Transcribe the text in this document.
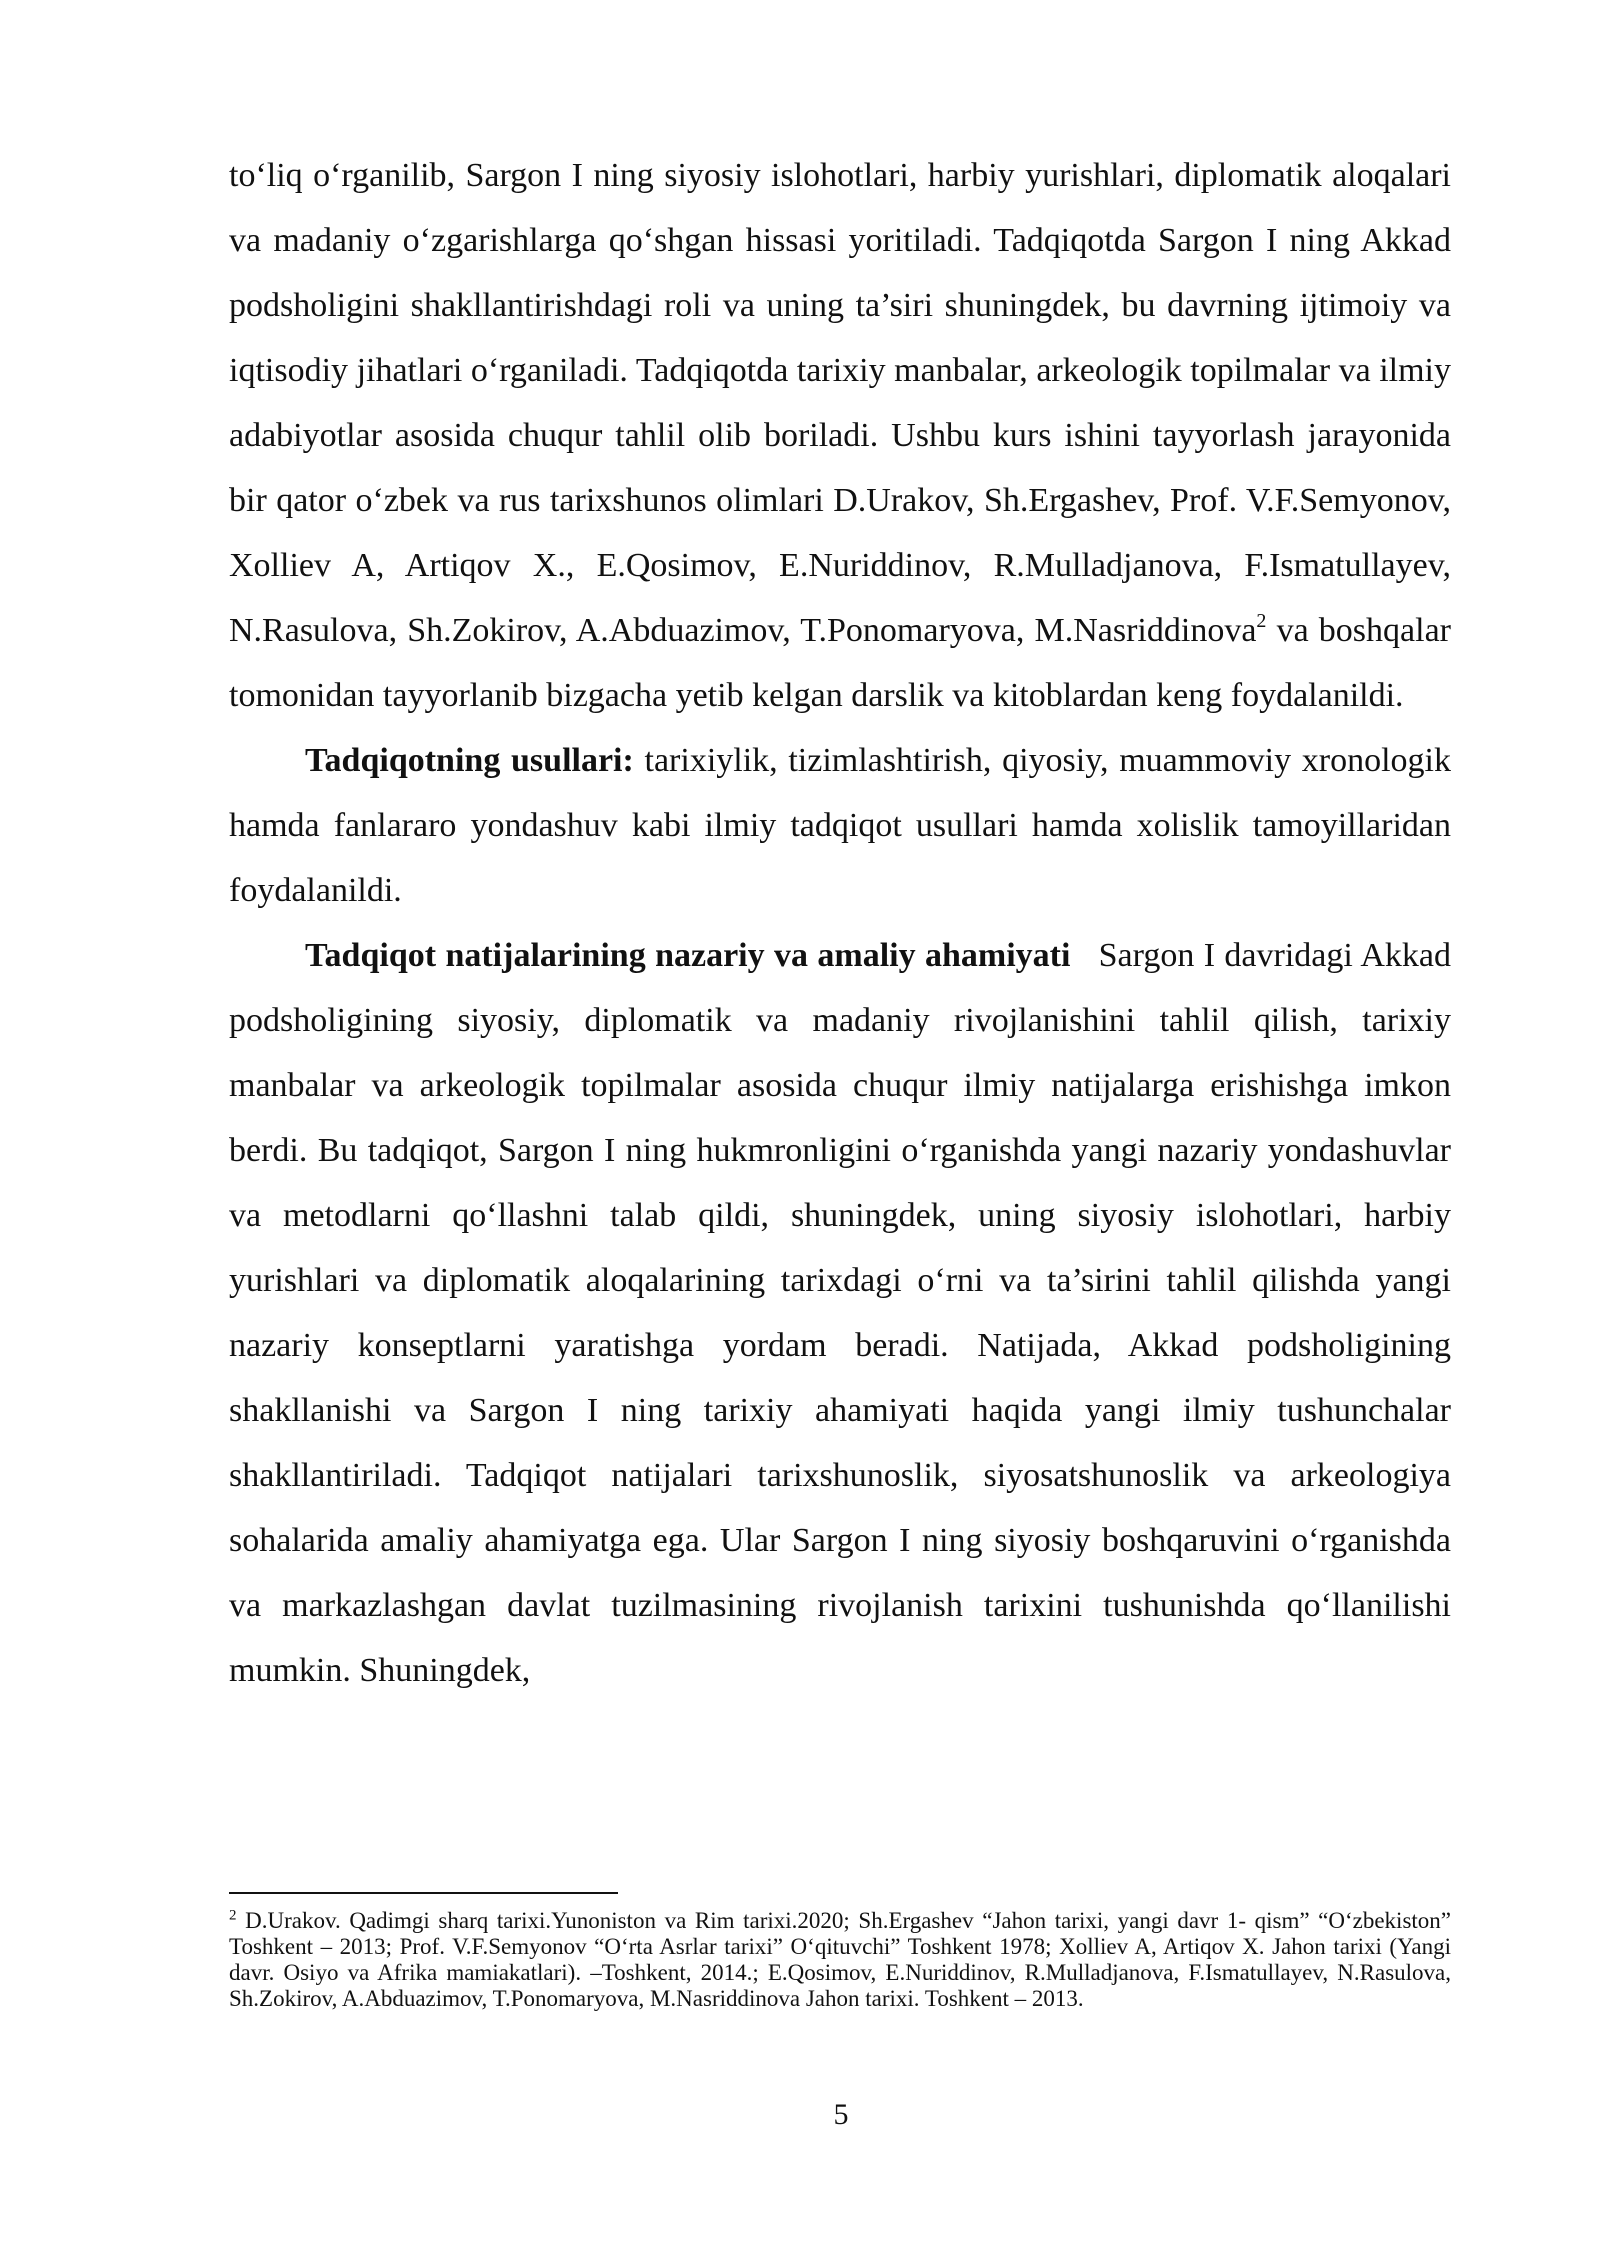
to‘liq o‘rganilib, Sargon I ning siyosiy islohotlari, harbiy yurishlari, diplomatik aloqalari va madaniy o‘zgarishlarga qo‘shgan hissasi yoritiladi. Tadqiqotda Sargon I ning Akkad podsholigini shakllantirishdagi roli va uning ta’siri shuningdek, bu davrning ijtimoiy va iqtisodiy jihatlari o‘rganiladi. Tadqiqotda tarixiy manbalar, arkeologik topilmalar va ilmiy adabiyotlar asosida chuqur tahlil olib boriladi. Ushbu kurs ishini tayyorlash jarayonida bir qator o‘zbek va rus tarixshunos olimlari D.Urakov, Sh.Ergashev, Prof. V.F.Semyonov, Xolliev A, Artiqov X., E.Qosimov, E.Nuriddinov, R.Mulladjanova, F.Ismatullayev, N.Rasulova, Sh.Zokirov, A.Abduazimov, T.Ponomaryova, M.Nasriddinova$^2$ va boshqalar tomonidan tayyorlanib bizgacha yetib kelgan darslik va kitoblardan keng foydalanildi.

Tadqiqotning usullari: tarixiylik, tizimlashtirish, qiyosiy, muammoviy xronologik hamda fanlararo yondashuv kabi ilmiy tadqiqot usullari hamda xolislik tamoyillaridan foydalanildi.

Tadqiqot natijalarining nazariy va amaliy ahamiyati   Sargon I davridagi Akkad podsholigining siyosiy, diplomatik va madaniy rivojlanishini tahlil qilish, tarixiy manbalar va arkeologik topilmalar asosida chuqur ilmiy natijalarga erishishga imkon berdi. Bu tadqiqot, Sargon I ning hukmronligini o‘rganishda yangi nazariy yondashuvlar va metodlarni qo‘llashni talab qildi, shuningdek, uning siyosiy islohotlari, harbiy yurishlari va diplomatik aloqalarining tarixdagi o‘rni va ta’sirini tahlil qilishda yangi nazariy konseptlarni yaratishga yordam beradi. Natijada, Akkad podsholigining shakllanishi va Sargon I ning tarixiy ahamiyati haqida yangi ilmiy tushunchalar shakllantiriladi. Tadqiqot natijalari tarixshunoslik, siyosatshunoslik va arkeologiya sohalarida amaliy ahamiyatga ega. Ular Sargon I ning siyosiy boshqaruvini o‘rganishda va markazlashgan davlat tuzilmasining rivojlanish tarixini tushunishda qo‘llanilishi mumkin. Shuningdek,

$^2$ D.Urakov. Qadimgi sharq tarixi.Yunoniston va Rim tarixi.2020; Sh.Ergashev “Jahon tarixi, yangi davr 1- qism” “O‘zbekiston” Toshkent – 2013; Prof. V.F.Semyonov “O‘rta Asrlar tarixi” O‘qituvchi” Toshkent 1978; Xolliev A, Artiqov X. Jahon tarixi (Yangi davr. Osiyo va Afrika mamiakatlari). –Toshkent, 2014.; E.Qosimov, E.Nuriddinov, R.Mulladjanova, F.Ismatullayev, N.Rasulova, Sh.Zokirov, A.Abduazimov, T.Ponomaryova, M.Nasriddinova Jahon tarixi. Toshkent – 2013.
5
